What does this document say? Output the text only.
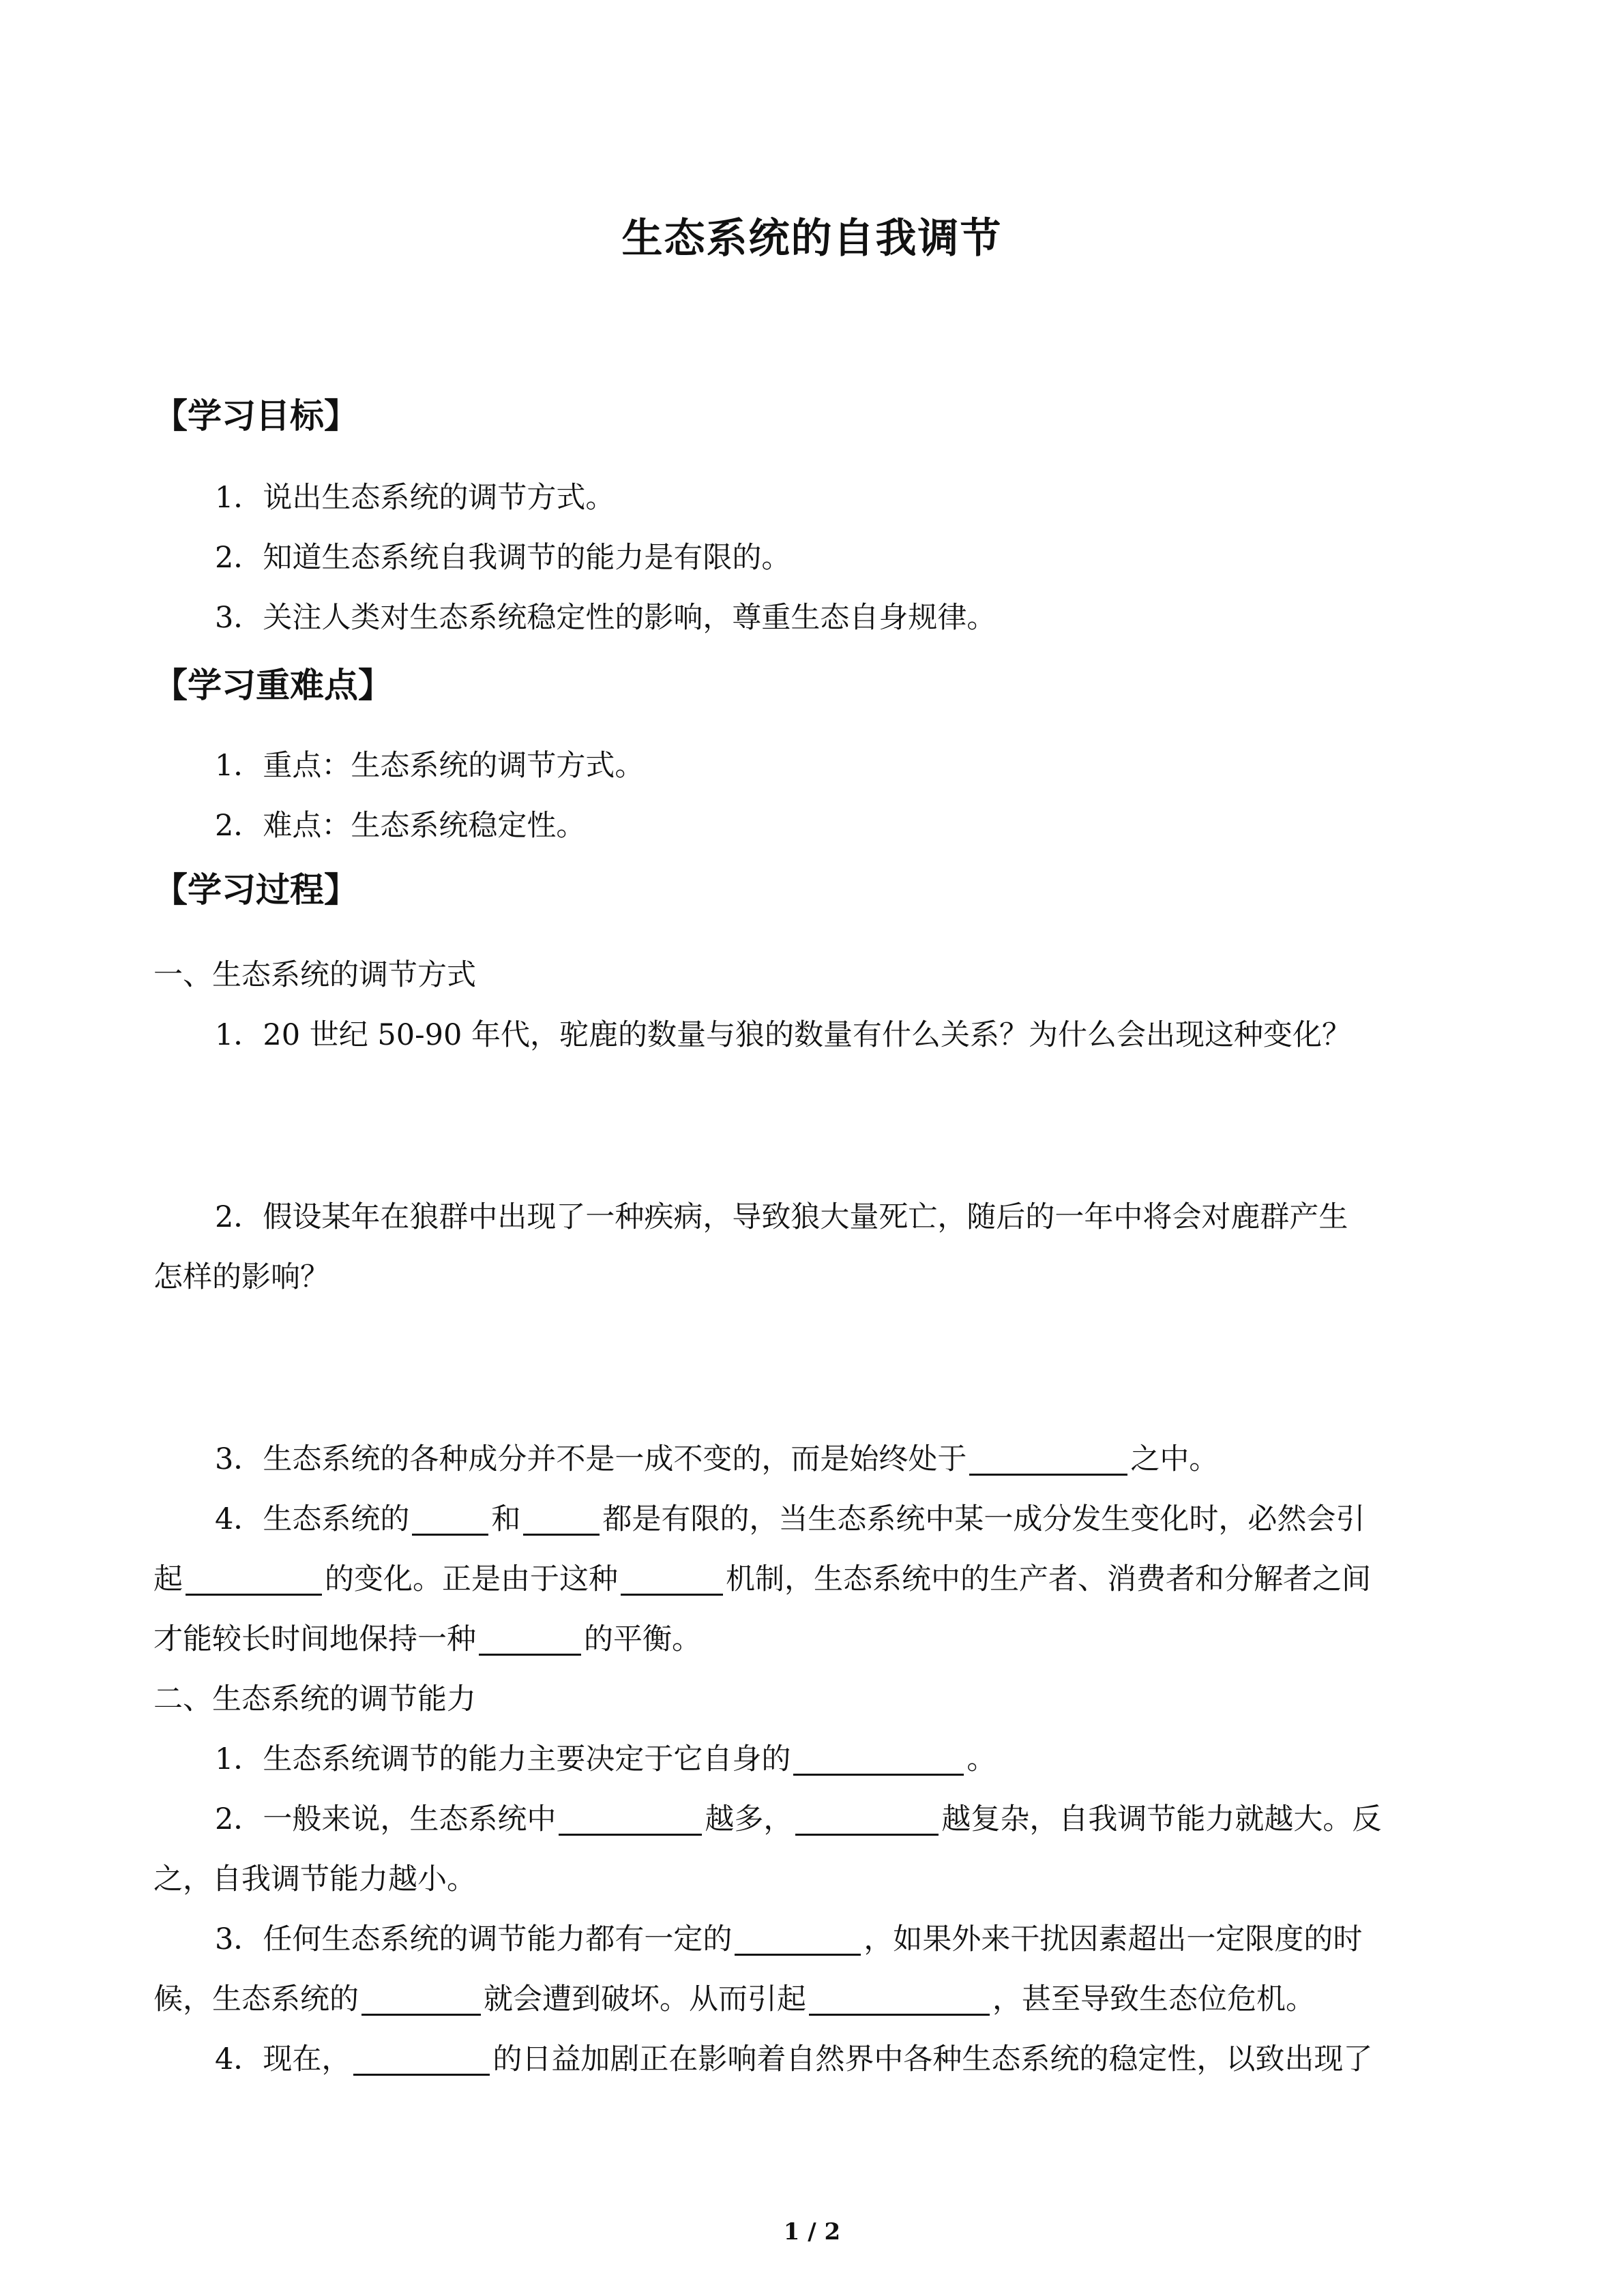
生态系统的自我调节
【学习目标】
1．说出生态系统的调节方式。
2．知道生态系统自我调节的能力是有限的。
3．关注人类对生态系统稳定性的影响，尊重生态自身规律。
【学习重难点】
1．重点：生态系统的调节方式。
2．难点：生态系统稳定性。
【学习过程】
一、生态系统的调节方式
1．20 世纪 50-90 年代，驼鹿的数量与狼的数量有什么关系？为什么会出现这种变化？
2．假设某年在狼群中出现了一种疾病，导致狼大量死亡，随后的一年中将会对鹿群产生
怎样的影响？
3．生态系统的各种成分并不是一成不变的，而是始终处于	之中。
4．生态系统的	和	都是有限的，当生态系统中某一成分发生变化时，必然会引
起	的变化。正是由于这种	机制，生态系统中的生产者、消费者和分解者之间
才能较长时间地保持一种	的平衡。
二、生态系统的调节能力
1．生态系统调节的能力主要决定于它自身的	。
2．一般来说，生态系统中	越多，	越复杂，自我调节能力就越大。反
之，自我调节能力越小。
3．任何生态系统的调节能力都有一定的	，如果外来干扰因素超出一定限度的时
候，生态系统的	就会遭到破坏。从而引起	，甚至导致生态位危机。
4．现在，	的日益加剧正在影响着自然界中各种生态系统的稳定性，以致出现了
1 / 2
